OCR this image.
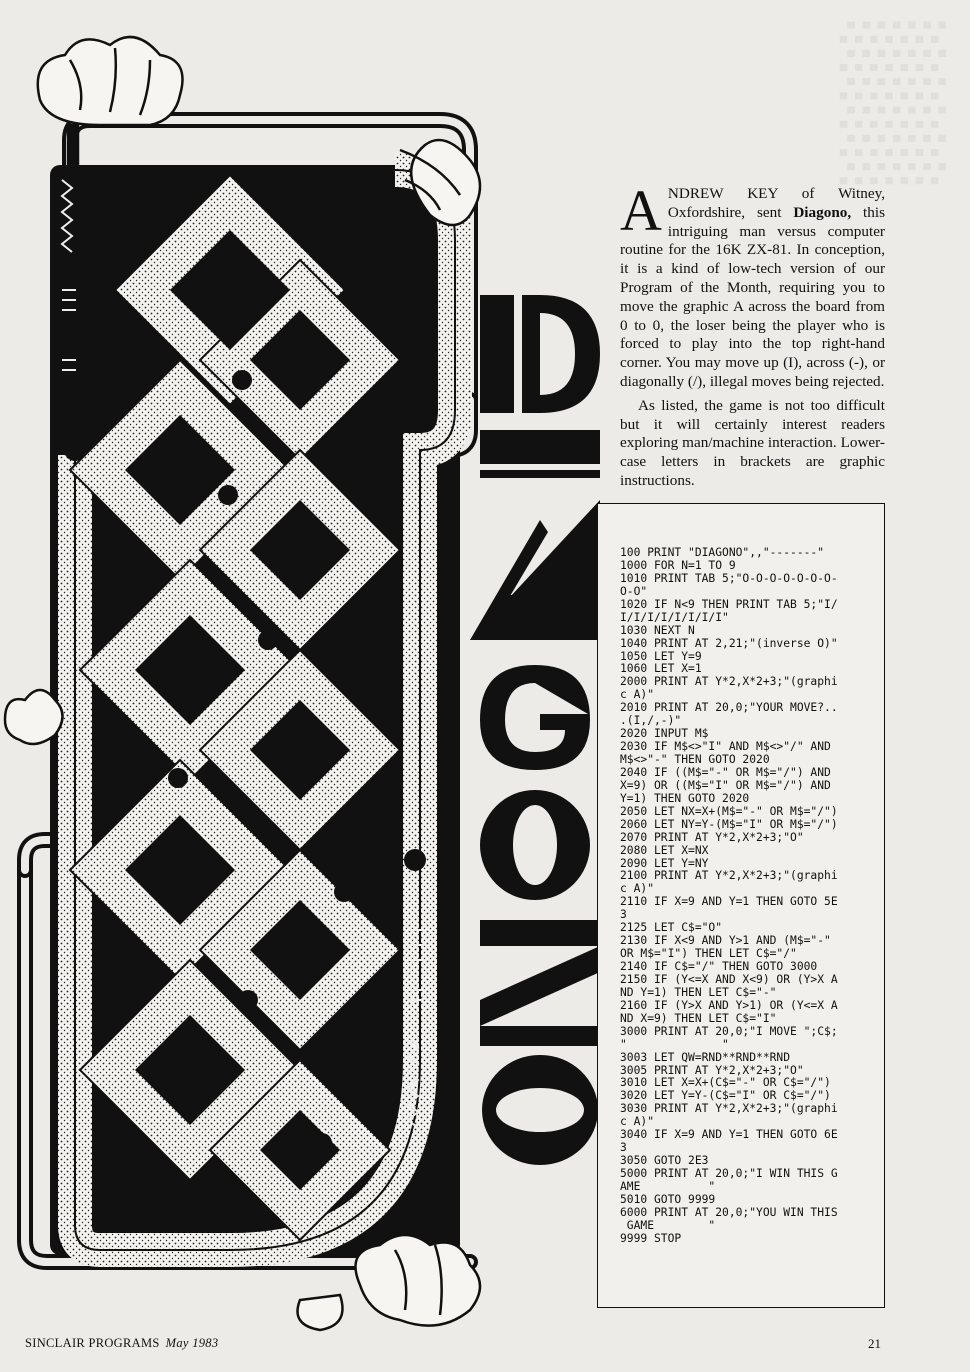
▒

ANDREW KEY of Witney, Oxfordshire, sent Diagono, this intriguing man versus computer routine for the 16K ZX-81. In conception, it is a kind of low-tech version of our Program of the Month, requiring you to move the graphic A across the board from 0 to 0, the loser being the player who is forced to play into the top right-hand corner. You may move up (I), across (-), or diagonally (/), illegal moves being rejected.

As listed, the game is not too difficult but it will certainly interest readers exploring man/machine interaction. Lower-case letters in brackets are graphic instructions.

100 PRINT "DIAGONO",,"-------"
1000 FOR N=1 TO 9
1010 PRINT TAB 5;"O-O-O-O-O-O-O-
O-O"
1020 IF N<9 THEN PRINT TAB 5;"I/
I/I/I/I/I/I/I/I"
1030 NEXT N
1040 PRINT AT 2,21;"(inverse O)"
1050 LET Y=9
1060 LET X=1
2000 PRINT AT Y*2,X*2+3;"(graphi
c A)"
2010 PRINT AT 20,0;"YOUR MOVE?..
.(I,/,-)"
2020 INPUT M$
2030 IF M$<>"I" AND M$<>"/" AND
M$<>"-" THEN GOTO 2020
2040 IF ((M$="-" OR M$="/") AND
X=9) OR ((M$="I" OR M$="/") AND
Y=1) THEN GOTO 2020
2050 LET NX=X+(M$="-" OR M$="/")
2060 LET NY=Y-(M$="I" OR M$="/")
2070 PRINT AT Y*2,X*2+3;"O"
2080 LET X=NX
2090 LET Y=NY
2100 PRINT AT Y*2,X*2+3;"(graphi
c A)"
2110 IF X=9 AND Y=1 THEN GOTO 5E
3
2125 LET C$="O"
2130 IF X<9 AND Y>1 AND (M$="-"
OR M$="I") THEN LET C$="/"
2140 IF C$="/" THEN GOTO 3000
2150 IF (Y<=X AND X<9) OR (Y>X A
ND Y=1) THEN LET C$="-"
2160 IF (Y>X AND Y>1) OR (Y<=X A
ND X=9) THEN LET C$="I"
3000 PRINT AT 20,0;"I MOVE ";C$;
"              "
3003 LET QW=RND**RND**RND
3005 PRINT AT Y*2,X*2+3;"O"
3010 LET X=X+(C$="-" OR C$="/")
3020 LET Y=Y-(C$="I" OR C$="/")
3030 PRINT AT Y*2,X*2+3;"(graphi
c A)"
3040 IF X=9 AND Y=1 THEN GOTO 6E
3
3050 GOTO 2E3
5000 PRINT AT 20,0;"I WIN THIS G
AME          "
5010 GOTO 9999
6000 PRINT AT 20,0;"YOU WIN THIS
GAME        "
9999 STOP
SINCLAIR PROGRAMS May 1983	21
